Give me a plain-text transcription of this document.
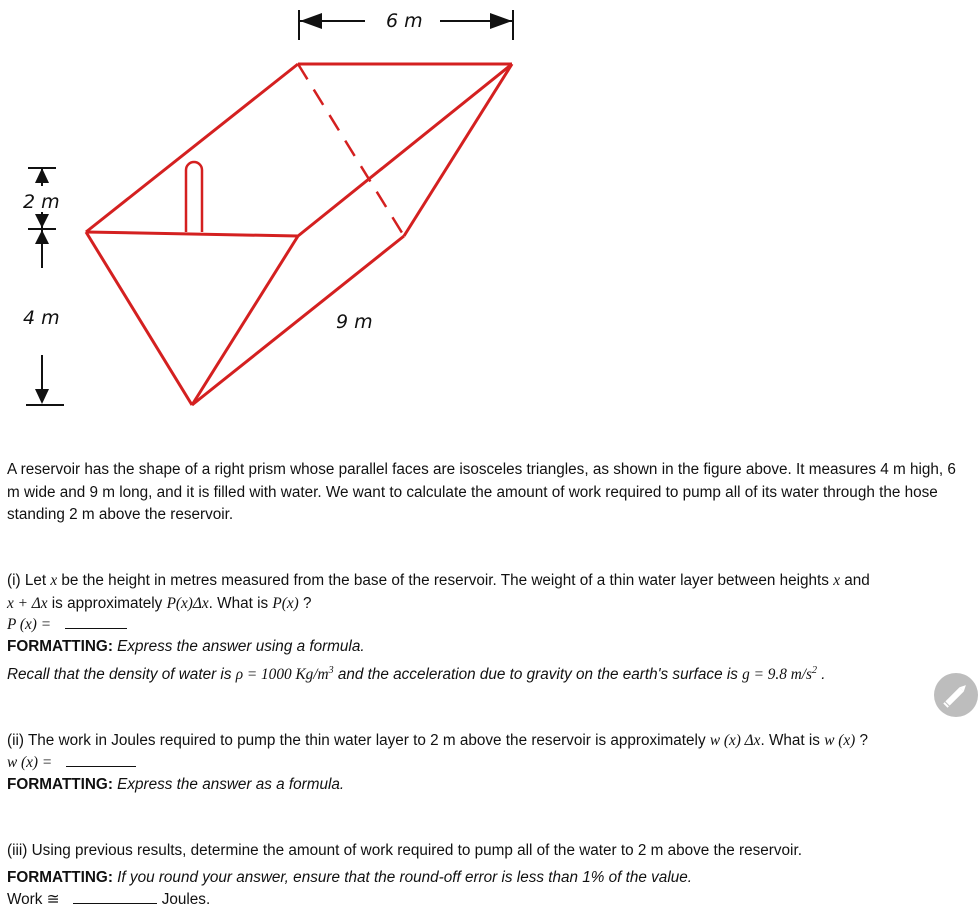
6 m
2 m
4 m	9 m
A reservoir has the shape of a right prism whose parallel faces are isosceles triangles, as shown in the figure above. It measures 4 m high, 6 m wide and 9 m long, and it is filled with water. We want to calculate the amount of work required to pump all of its water through the hose standing 2 m above the reservoir.
(i) Let x be the height in metres measured from the base of the reservoir. The weight of a thin water layer between heights x and
x + Δx is approximately P(x)Δx. What is P(x) ?
P (x) =
FORMATTING: Express the answer using a formula.
Recall that the density of water is ρ = 1000 $Kg/m^3$ and the acceleration due to gravity on the earth's surface is g = 9.8 $m/s^2$ .
(ii) The work in Joules required to pump the thin water layer to 2 m above the reservoir is approximately w (x) Δx. What is w (x) ?
w (x) =
FORMATTING: Express the answer as a formula.
(iii) Using previous results, determine the amount of work required to pump all of the water to 2 m above the reservoir.
FORMATTING: If you round your answer, ensure that the round-off error is less than 1% of the value.
Work ≅	Joules.
